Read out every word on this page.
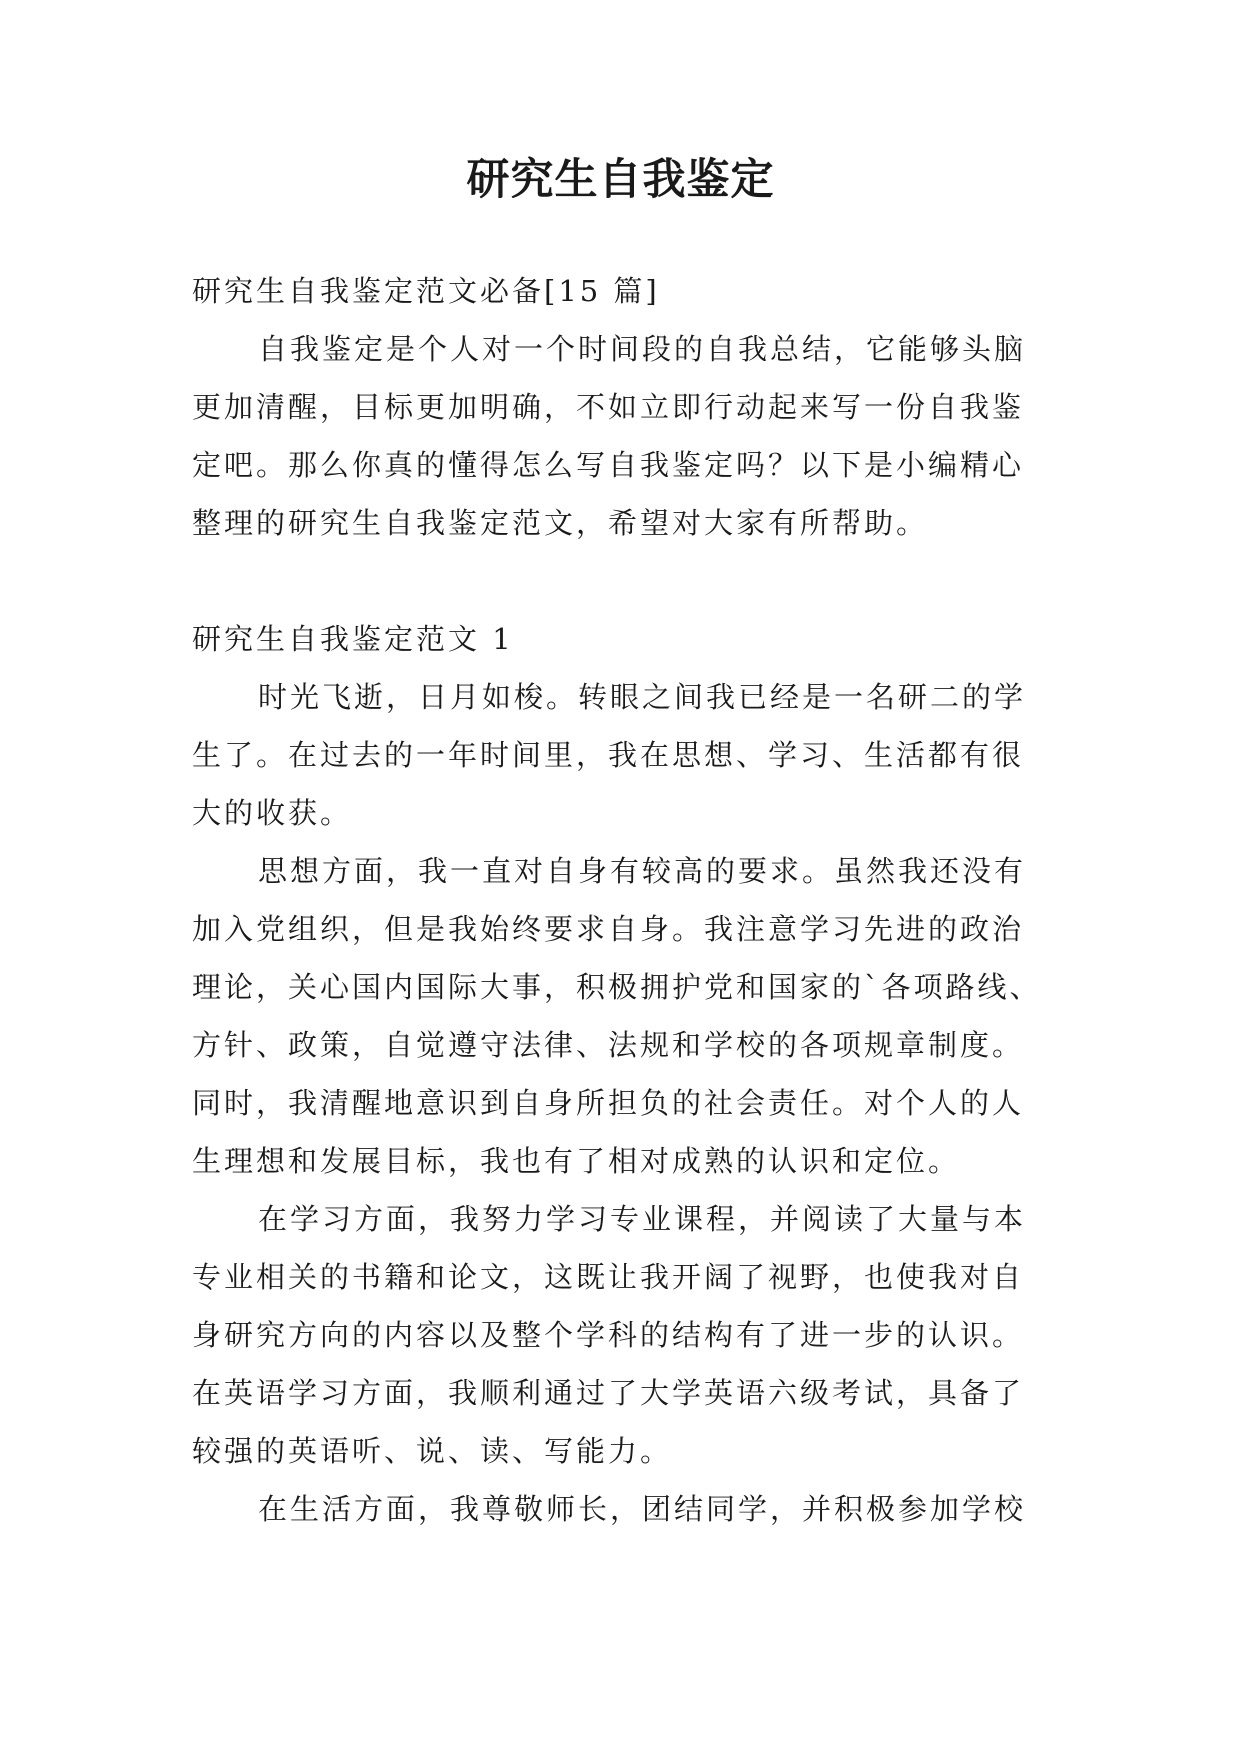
研究生自我鉴定

研究生自我鉴定范文必备[15 篇]

自我鉴定是个人对一个时间段的自我总结，它能够头脑

更加清醒，目标更加明确，不如立即行动起来写一份自我鉴

定吧。那么你真的懂得怎么写自我鉴定吗？以下是小编精心

整理的研究生自我鉴定范文，希望对大家有所帮助。

研究生自我鉴定范文 1

时光飞逝，日月如梭。转眼之间我已经是一名研二的学

生了。在过去的一年时间里，我在思想、学习、生活都有很

大的收获。

思想方面，我一直对自身有较高的要求。虽然我还没有

加入党组织，但是我始终要求自身。我注意学习先进的政治

理论，关心国内国际大事，积极拥护党和国家的`各项路线、

方针、政策，自觉遵守法律、法规和学校的各项规章制度。

同时，我清醒地意识到自身所担负的社会责任。对个人的人

生理想和发展目标，我也有了相对成熟的认识和定位。

在学习方面，我努力学习专业课程，并阅读了大量与本

专业相关的书籍和论文，这既让我开阔了视野，也使我对自

身研究方向的内容以及整个学科的结构有了进一步的认识。

在英语学习方面，我顺利通过了大学英语六级考试，具备了

较强的英语听、说、读、写能力。

在生活方面，我尊敬师长，团结同学，并积极参加学校
